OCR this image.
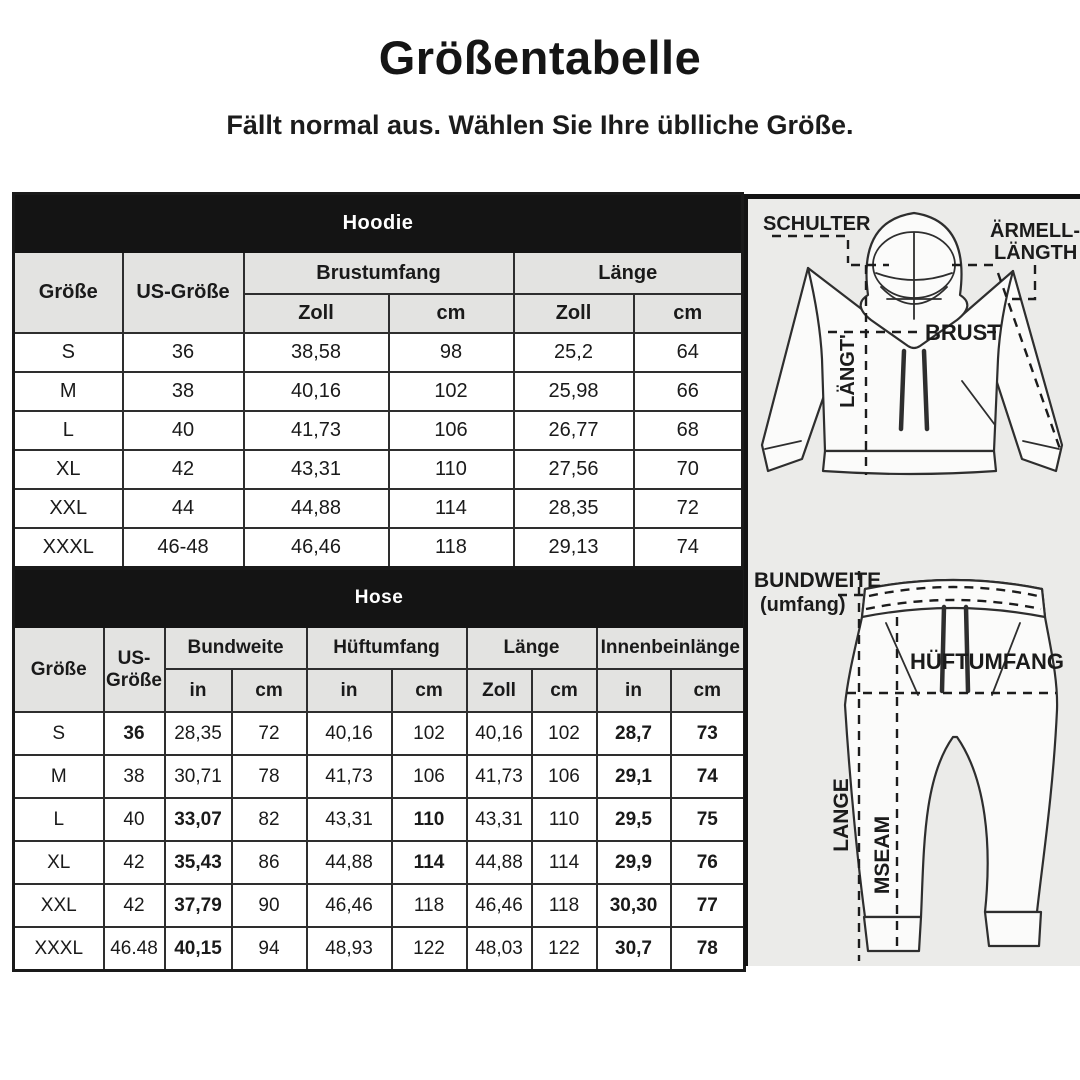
Größentabelle
Fällt normal aus. Wählen Sie Ihre üblliche Größe.
Hoodie					
Größe	US-Größe	Brustumfang		Länge	
		Zoll	cm	Zoll	cm
S	36	38,58	98	25,2	64
M	38	40,16	102	25,98	66
L	40	41,73	106	26,77	68
XL	42	43,31	110	27,56	70
XXL	44	44,88	114	28,35	72
XXXL	46-48	46,46	118	29,13	74
Hose									
Größe	US-Größe	Bundweite		Hüftumfang		Länge		Innenbeinlänge	
		in	cm	in	cm	Zoll	cm	in	cm
S	36	28,35	72	40,16	102	40,16	102	28,7	73
M	38	30,71	78	41,73	106	41,73	106	29,1	74
L	40	33,07	82	43,31	110	43,31	110	29,5	75
XL	42	35,43	86	44,88	114	44,88	114	29,9	76
XXL	42	37,79	90	46,46	118	46,46	118	30,30	77
XXXL	46.48	40,15	94	48,93	122	48,03	122	30,7	78
SCHULTER	ÄRMELL-
LÄNGTH
BRUST
LÄNGT'
BUNDWEITE
(umfang)
HÜFTUMFANG
LANGE
MSEAM
